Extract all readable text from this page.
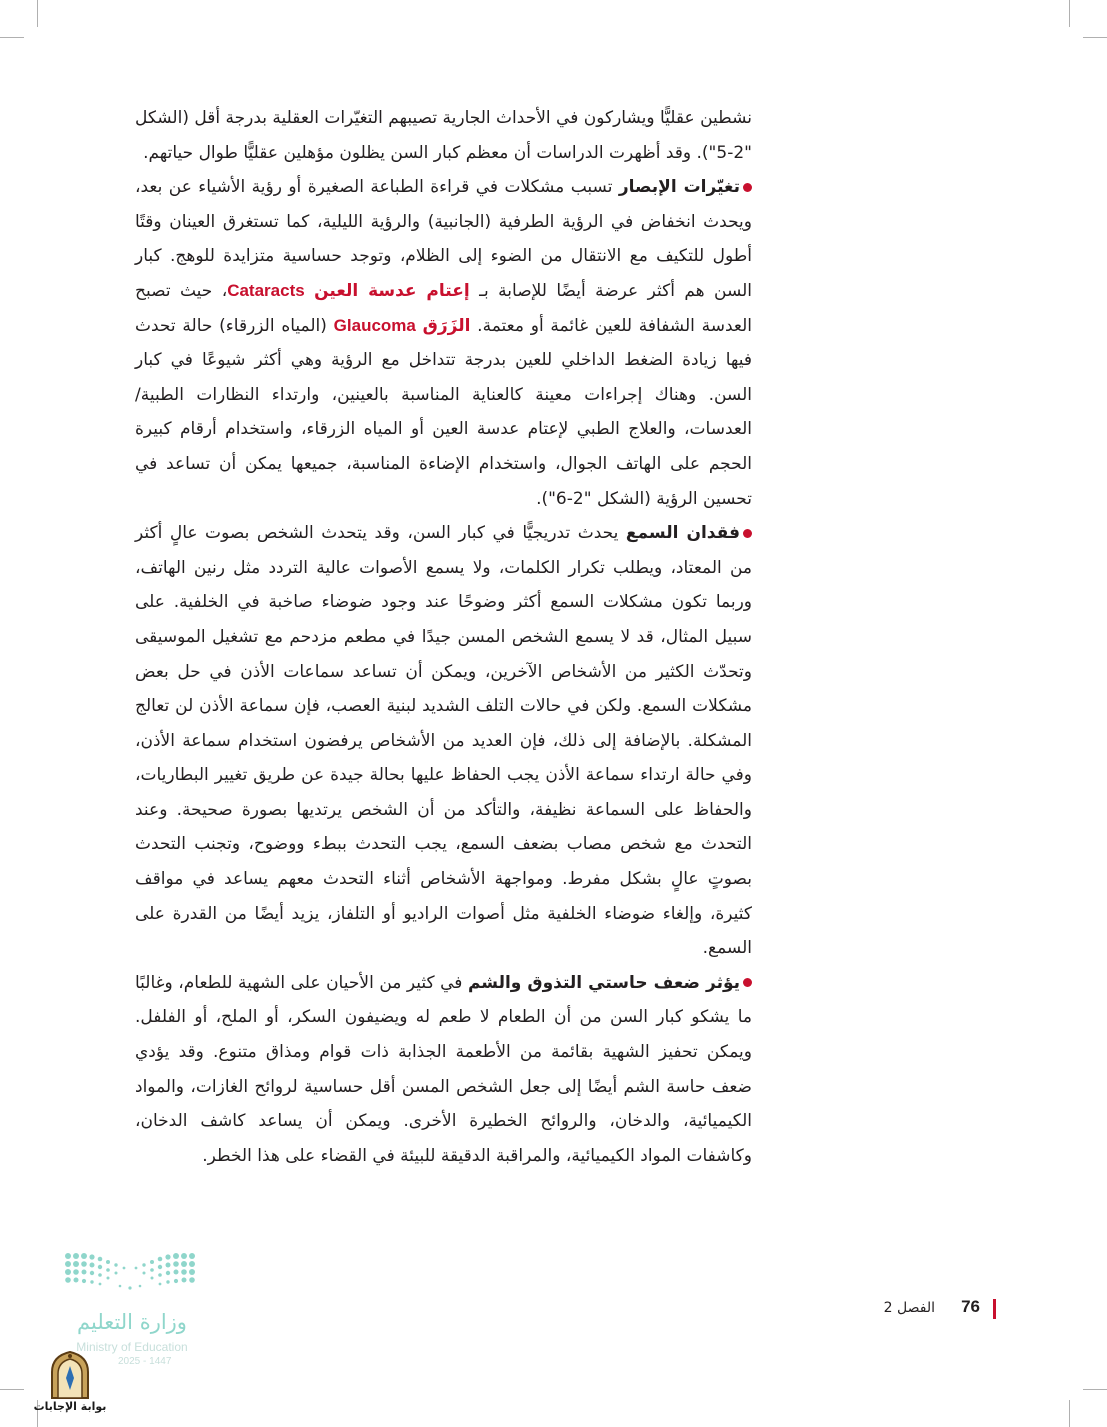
نشطين عقليًّا ويشاركون في الأحداث الجارية تصيبهم التغيّرات العقلية بدرجة أقل (الشكل "2-5"). وقد أظهرت الدراسات أن معظم كبار السن يظلون مؤهلين عقليًّا طوال حياتهم.

تغيّرات الإبصار تسبب مشكلات في قراءة الطباعة الصغيرة أو رؤية الأشياء عن بعد، ويحدث انخفاض في الرؤية الطرفية (الجانبية) والرؤية الليلية، كما تستغرق العينان وقتًا أطول للتكيف مع الانتقال من الضوء إلى الظلام، وتوجد حساسية متزايدة للوهج. كبار السن هم أكثر عرضة أيضًا للإصابة بـ إعتام عدسة العين Cataracts، حيث تصبح العدسة الشفافة للعين غائمة أو معتمة. الزَرَق Glaucoma (المياه الزرقاء) حالة تحدث فيها زيادة الضغط الداخلي للعين بدرجة تتداخل مع الرؤية وهي أكثر شيوعًا في كبار السن. وهناك إجراءات معينة كالعناية المناسبة بالعينين، وارتداء النظارات الطبية/العدسات، والعلاج الطبي لإعتام عدسة العين أو المياه الزرقاء، واستخدام أرقام كبيرة الحجم على الهاتف الجوال، واستخدام الإضاءة المناسبة، جميعها يمكن أن تساعد في تحسين الرؤية (الشكل "2-6").

فقدان السمع يحدث تدريجيًّا في كبار السن، وقد يتحدث الشخص بصوت عالٍ أكثر من المعتاد، ويطلب تكرار الكلمات، ولا يسمع الأصوات عالية التردد مثل رنين الهاتف، وربما تكون مشكلات السمع أكثر وضوحًا عند وجود ضوضاء صاخبة في الخلفية. على سبيل المثال، قد لا يسمع الشخص المسن جيدًا في مطعم مزدحم مع تشغيل الموسيقى وتحدّث الكثير من الأشخاص الآخرين، ويمكن أن تساعد سماعات الأذن في حل بعض مشكلات السمع. ولكن في حالات التلف الشديد لبنية العصب، فإن سماعة الأذن لن تعالج المشكلة. بالإضافة إلى ذلك، فإن العديد من الأشخاص يرفضون استخدام سماعة الأذن، وفي حالة ارتداء سماعة الأذن يجب الحفاظ عليها بحالة جيدة عن طريق تغيير البطاريات، والحفاظ على السماعة نظيفة، والتأكد من أن الشخص يرتديها بصورة صحيحة. وعند التحدث مع شخص مصاب بضعف السمع، يجب التحدث ببطء ووضوح، وتجنب التحدث بصوتٍ عالٍ بشكل مفرط. ومواجهة الأشخاص أثناء التحدث معهم يساعد في مواقف كثيرة، وإلغاء ضوضاء الخلفية مثل أصوات الراديو أو التلفاز، يزيد أيضًا من القدرة على السمع.

يؤثر ضعف حاستي التذوق والشم في كثير من الأحيان على الشهية للطعام، وغالبًا ما يشكو كبار السن من أن الطعام لا طعم له ويضيفون السكر، أو الملح، أو الفلفل. ويمكن تحفيز الشهية بقائمة من الأطعمة الجذابة ذات قوام ومذاق متنوع. وقد يؤدي ضعف حاسة الشم أيضًا إلى جعل الشخص المسن أقل حساسية لروائح الغازات، والمواد الكيميائية، والدخان، والروائح الخطيرة الأخرى. ويمكن أن يساعد كاشف الدخان، وكاشفات المواد الكيميائية، والمراقبة الدقيقة للبيئة في القضاء على هذا الخطر.

76
الفصل 2
وزارة التعليم
Ministry of Education
2025 - 1447
بوابة الإجابات
